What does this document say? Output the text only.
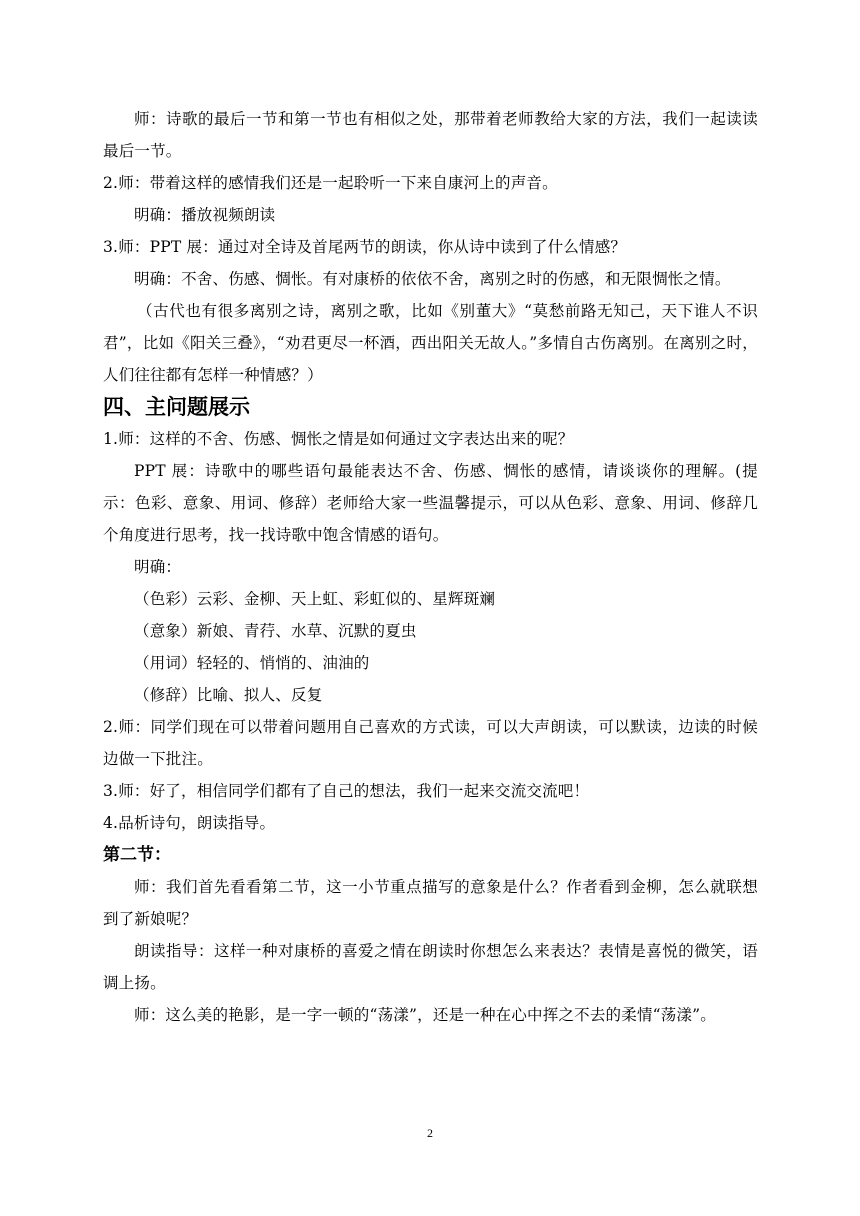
师：诗歌的最后一节和第一节也有相似之处，那带着老师教给大家的方法，我们一起读读最后一节。

2.师：带着这样的感情我们还是一起聆听一下来自康河上的声音。

明确：播放视频朗读

3.师：PPT 展：通过对全诗及首尾两节的朗读，你从诗中读到了什么情感？

明确：不舍、伤感、惆怅。有对康桥的依依不舍，离别之时的伤感，和无限惆怅之情。

（古代也有很多离别之诗，离别之歌，比如《别董大》“莫愁前路无知己，天下谁人不识君”，比如《阳关三叠》，“劝君更尽一杯酒，西出阳关无故人。”多情自古伤离别。在离别之时，人们往往都有怎样一种情感？）

四、主问题展示

1.师：这样的不舍、伤感、惆怅之情是如何通过文字表达出来的呢？

PPT 展：诗歌中的哪些语句最能表达不舍、伤感、惆怅的感情，请谈谈你的理解。(提示：色彩、意象、用词、修辞）老师给大家一些温馨提示，可以从色彩、意象、用词、修辞几个角度进行思考，找一找诗歌中饱含情感的语句。

明确：

（色彩）云彩、金柳、天上虹、彩虹似的、星辉斑斓

（意象）新娘、青荇、水草、沉默的夏虫

（用词）轻轻的、悄悄的、油油的

（修辞）比喻、拟人、反复

2.师：同学们现在可以带着问题用自己喜欢的方式读，可以大声朗读，可以默读，边读的时候边做一下批注。

3.师：好了，相信同学们都有了自己的想法，我们一起来交流交流吧！

4.品析诗句，朗读指导。

第二节：

师：我们首先看看第二节，这一小节重点描写的意象是什么？作者看到金柳，怎么就联想到了新娘呢？

朗读指导：这样一种对康桥的喜爱之情在朗读时你想怎么来表达？表情是喜悦的微笑，语调上扬。

师：这么美的艳影，是一字一顿的“荡漾”，还是一种在心中挥之不去的柔情“荡漾”。

2
